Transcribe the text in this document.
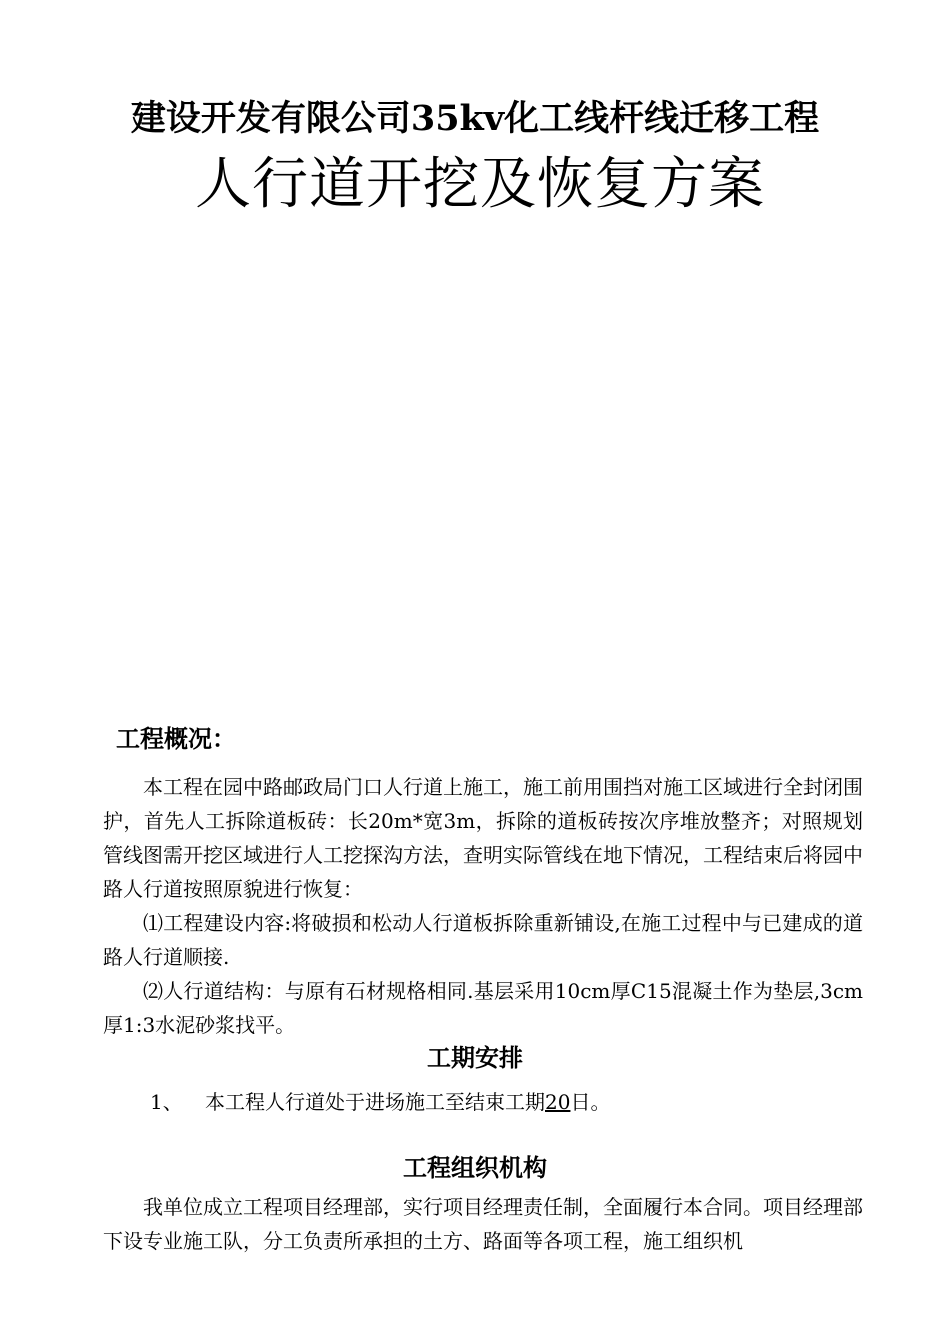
建设开发有限公司35kv化工线杆线迁移工程
人行道开挖及恢复方案
工程概况：
本工程在园中路邮政局门口人行道上施工，施工前用围挡对施工区域进行全封闭围护，首先人工拆除道板砖：长20m*宽3m，拆除的道板砖按次序堆放整齐；对照规划管线图需开挖区域进行人工挖探沟方法，查明实际管线在地下情况，工程结束后将园中路人行道按照原貌进行恢复：
⑴工程建设内容:将破损和松动人行道板拆除重新铺设,在施工过程中与已建成的道路人行道顺接.
⑵人行道结构：与原有石材规格相同.基层采用10cm厚C15混凝土作为垫层,3cm厚1:3水泥砂浆找平。
工期安排
1、 本工程人行道处于进场施工至结束工期20日。
工程组织机构
我单位成立工程项目经理部，实行项目经理责任制，全面履行本合同。项目经理部下设专业施工队，分工负责所承担的土方、路面等各项工程，施工组织机
